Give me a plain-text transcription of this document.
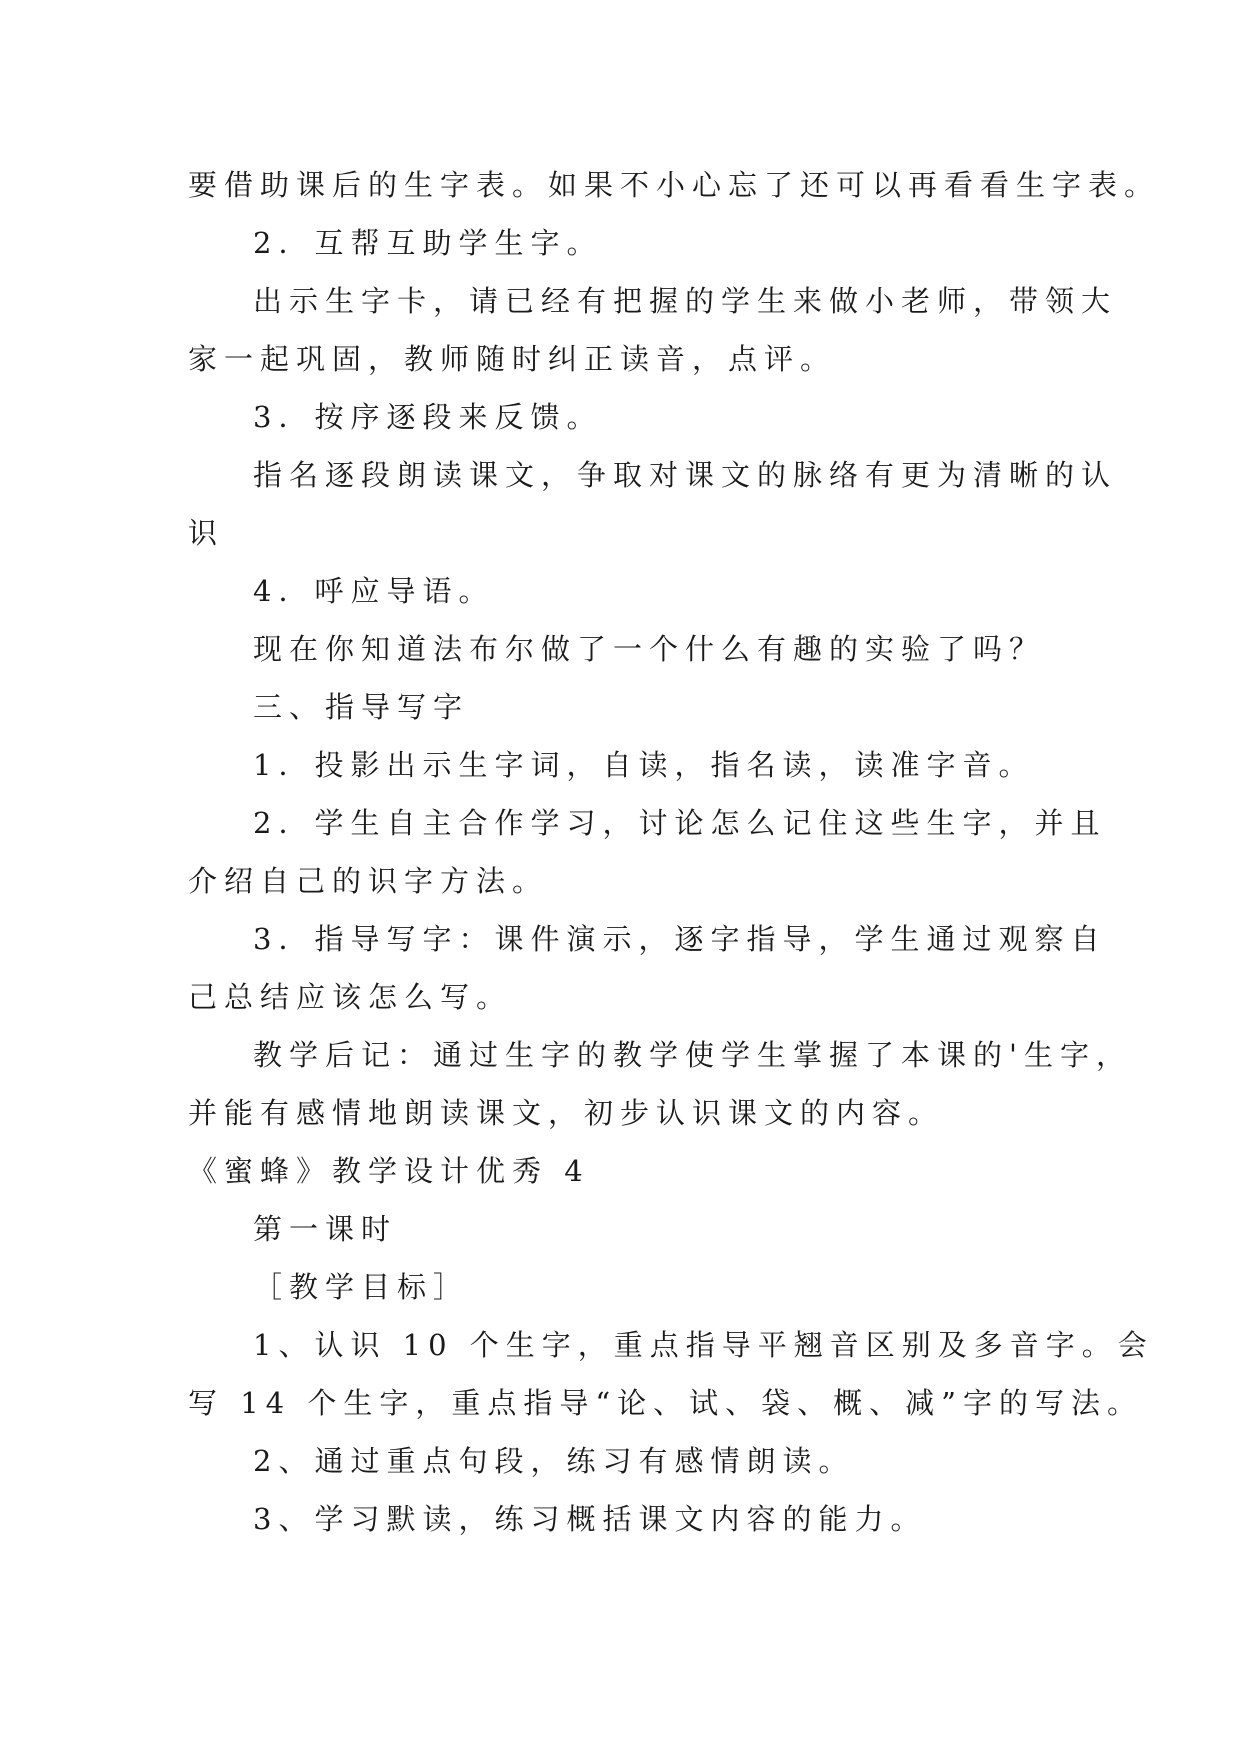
要借助课后的生字表。如果不小心忘了还可以再看看生字表。
2．互帮互助学生字。
出示生字卡，请已经有把握的学生来做小老师，带领大
家一起巩固，教师随时纠正读音，点评。
3．按序逐段来反馈。
指名逐段朗读课文，争取对课文的脉络有更为清晰的认
识
4．呼应导语。
现在你知道法布尔做了一个什么有趣的实验了吗？
三、指导写字
1．投影出示生字词，自读，指名读，读准字音。
2．学生自主合作学习，讨论怎么记住这些生字，并且
介绍自己的识字方法。
3．指导写字：课件演示，逐字指导，学生通过观察自
己总结应该怎么写。
教学后记：通过生字的教学使学生掌握了本课的'生字，
并能有感情地朗读课文，初步认识课文的内容。
《蜜蜂》教学设计优秀 4
第一课时
［教学目标］
1、认识 10 个生字，重点指导平翘音区别及多音字。会
写 14 个生字，重点指导“论、试、袋、概、减”字的写法。
2、通过重点句段，练习有感情朗读。
3、学习默读，练习概括课文内容的能力。
